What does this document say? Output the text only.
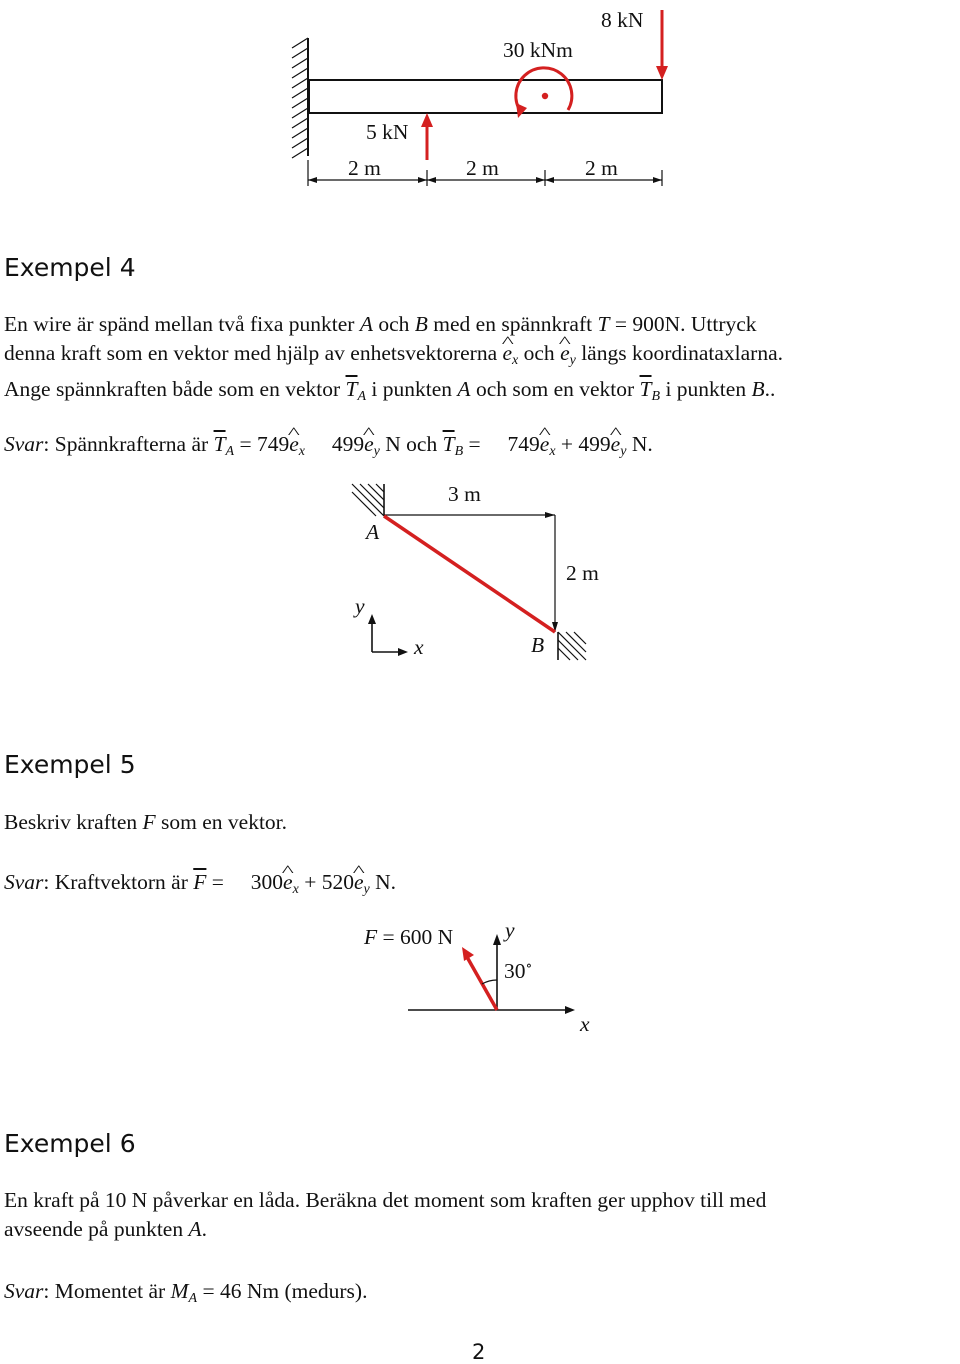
8 kN
30 kNm
5 kN
2 m	2 m	2 m
Exempel 4
En wire är spänd mellan två fixa punkter A och B med en spännkraft T = 900N. Uttryck
denna kraft som en vektor med hjälp av enhetsvektorerna ^ $e_x$ och ^ $e_y$ längs koordinataxlarna.
Ange spännkraften både som en vektor $\overline{T}_A$ i punkten A och som en vektor $\overline{T}_B$ i punkten B..
Svar: Spännkrafterna är $\overline{T}_A$ = 749^ $e_x$ 499^ $e_y$ N och $\overline{T}_B$ = 749^ $e_x$ + 499^ $e_y$ N.
3 m
A
2 m
y
x	B
Exempel 5
Beskriv kraften F som en vektor.
Svar: Kraftvektorn är $\overline{F}$ = 300^ $e_x$ + 520^ $e_y$ N.
F = 600 N y
30∘
x
Exempel 6
En kraft på 10 N påverkar en låda. Beräkna det moment som kraften ger upphov till med
avseende på punkten A.
Svar: Momentet är $M_A = 46$ Nm (medurs).
2
